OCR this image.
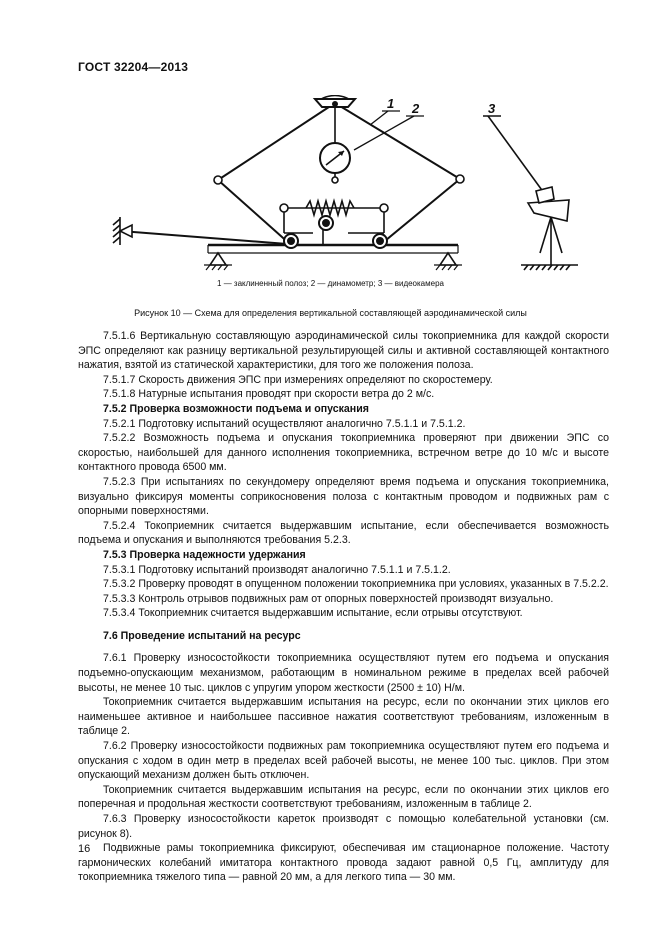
ГОСТ 32204—2013
1 2	3
1 — заклиненный полоз; 2 — динамометр; 3 — видеокамера
Рисунок 10 — Схема для определения вертикальной составляющей аэродинамической силы
7.5.1.6 Вертикальную составляющую аэродинамической силы токоприемника для каждой скорости ЭПС определяют как разницу вертикальной результирующей силы и активной составляющей контактного нажатия, взятой из статической характеристики, для того же положения полоза.
7.5.1.7 Скорость движения ЭПС при измерениях определяют по скоростемеру.
7.5.1.8 Натурные испытания проводят при скорости ветра до 2 м/с.
7.5.2 Проверка возможности подъема и опускания
7.5.2.1 Подготовку испытаний осуществляют аналогично 7.5.1.1 и 7.5.1.2.
7.5.2.2 Возможность подъема и опускания токоприемника проверяют при движении ЭПС со скоростью, наибольшей для данного исполнения токоприемника, встречном ветре до 10 м/с и высоте контактного провода 6500 мм.
7.5.2.3 При испытаниях по секундомеру определяют время подъема и опускания токоприемника, визуально фиксируя моменты соприкосновения полоза с контактным проводом и подвижных рам с опорными поверхностями.
7.5.2.4 Токоприемник считается выдержавшим испытание, если обеспечивается возможность подъема и опускания и выполняются требования 5.2.3.
7.5.3 Проверка надежности удержания
7.5.3.1 Подготовку испытаний производят аналогично 7.5.1.1 и 7.5.1.2.
7.5.3.2 Проверку проводят в опущенном положении токоприемника при условиях, указанных в 7.5.2.2.
7.5.3.3 Контроль отрывов подвижных рам от опорных поверхностей производят визуально.
7.5.3.4 Токоприемник считается выдержавшим испытание, если отрывы отсутствуют.
7.6 Проведение испытаний на ресурс
7.6.1 Проверку износостойкости токоприемника осуществляют путем его подъема и опускания подъемно-опускающим механизмом, работающим в номинальном режиме в пределах всей рабочей высоты, не менее 10 тыс. циклов с упругим упором жесткости (2500 ± 10) Н/м.
Токоприемник считается выдержавшим испытания на ресурс, если по окончании этих циклов его наименьшее активное и наибольшее пассивное нажатия соответствуют требованиям, изложенным в таблице 2.
7.6.2 Проверку износостойкости подвижных рам токоприемника осуществляют путем его подъема и опускания с ходом в один метр в пределах всей рабочей высоты, не менее 100 тыс. циклов. При этом опускающий механизм должен быть отключен.
Токоприемник считается выдержавшим испытания на ресурс, если по окончании этих циклов его поперечная и продольная жесткости соответствуют требованиям, изложенным в таблице 2.
7.6.3 Проверку износостойкости кареток производят с помощью колебательной установки (см. рисунок 8).
Подвижные рамы токоприемника фиксируют, обеспечивая им стационарное положение. Частоту гармонических колебаний имитатора контактного провода задают равной 0,5 Гц, амплитуду для токоприемника тяжелого типа — равной 20 мм, а для легкого типа — 30 мм.
16
